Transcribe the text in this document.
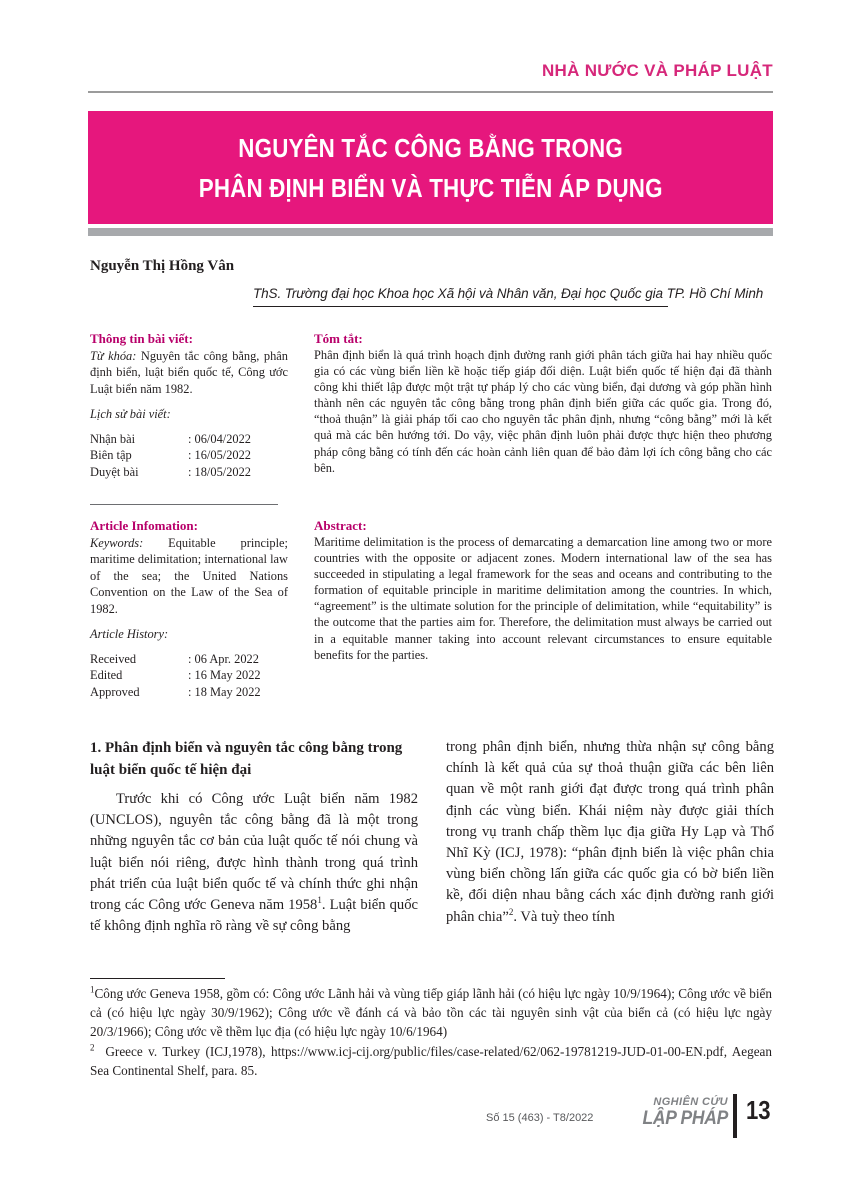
NHÀ NƯỚC VÀ PHÁP LUẬT
NGUYÊN TẮC CÔNG BẰNG TRONG
PHÂN ĐỊNH BIỂN VÀ THỰC TIỄN ÁP DỤNG
Nguyễn Thị Hồng Vân
ThS. Trường đại học Khoa học Xã hội và Nhân văn, Đại học Quốc gia TP. Hồ Chí Minh
Thông tin bài viết:
Từ khóa: Nguyên tắc công bằng, phân định biển, luật biển quốc tế, Công ước Luật biển năm 1982.
Lịch sử bài viết:
Nhận bài	: 06/04/2022
Biên tập	: 16/05/2022
Duyệt bài	: 18/05/2022
Article Infomation:
Keywords: Equitable principle; maritime delimitation; international law of the sea; the United Nations Convention on the Law of the Sea of 1982.
Article History:
Received	: 06 Apr. 2022
Edited	: 16 May 2022
Approved	: 18 May 2022
Tóm tắt:
Phân định biển là quá trình hoạch định đường ranh giới phân tách giữa hai hay nhiều quốc gia có các vùng biển liền kề hoặc tiếp giáp đối diện. Luật biển quốc tế hiện đại đã thành công khi thiết lập được một trật tự pháp lý cho các vùng biển, đại dương và góp phần hình thành nên các nguyên tắc công bằng trong phân định biển giữa các quốc gia. Trong đó, “thoả thuận” là giải pháp tối cao cho nguyên tắc phân định, nhưng “công bằng” mới là kết quả mà các bên hướng tới. Do vậy, việc phân định luôn phải được thực hiện theo phương pháp công bằng có tính đến các hoàn cảnh liên quan để bảo đảm lợi ích công bằng cho các bên.
Abstract:
Maritime delimitation is the process of demarcating a demarcation line among two or more countries with the opposite or adjacent zones. Modern international law of the sea has succeeded in stipulating a legal framework for the seas and oceans and contributing to the formation of equitable principle in maritime delimitation among the countries. In which, “agreement” is the ultimate solution for the principle of delimitation, while “equitability” is the outcome that the parties aim for. Therefore, the delimitation must always be carried out in a equitable manner taking into account relevant circumstances to ensure equitable benefits for the parties.
1. Phân định biển và nguyên tắc công bằng trong luật biển quốc tế hiện đại

Trước khi có Công ước Luật biển năm 1982 (UNCLOS), nguyên tắc công bằng đã là một trong những nguyên tắc cơ bản của luật quốc tế nói chung và luật biển nói riêng, được hình thành trong quá trình phát triển của luật biển quốc tế và chính thức ghi nhận trong các Công ước Geneva năm 1958$^1$. Luật biển quốc tế không định nghĩa rõ ràng về sự công bằng

trong phân định biển, nhưng thừa nhận sự công bằng chính là kết quả của sự thoả thuận giữa các bên liên quan về một ranh giới đạt được trong quá trình phân định các vùng biển. Khái niệm này được giải thích trong vụ tranh chấp thềm lục địa giữa Hy Lạp và Thổ Nhĩ Kỳ (ICJ, 1978): “phân định biển là việc phân chia vùng biển chồng lấn giữa các quốc gia có bờ biển liền kề, đối diện nhau bằng cách xác định đường ranh giới phân chia”$^2$. Và tuỳ theo tính

$^1$Công ước Geneva 1958, gồm có: Công ước Lãnh hải và vùng tiếp giáp lãnh hải (có hiệu lực ngày 10/9/1964); Công ước về biển cả (có hiệu lực ngày 30/9/1962); Công ước về đánh cá và bảo tồn các tài nguyên sinh vật của biển cả (có hiệu lực ngày 20/3/1966); Công ước về thềm lục địa (có hiệu lực ngày 10/6/1964)
$^2$ Greece v. Turkey (ICJ,1978), https://www.icj-cij.org/public/files/case-related/62/062-19781219-JUD-01-00-EN.pdf, Aegean Sea Continental Shelf, para. 85.
Số 15 (463) - T8/2022
NGHIÊN CỨU
LẬP PHÁP 13
